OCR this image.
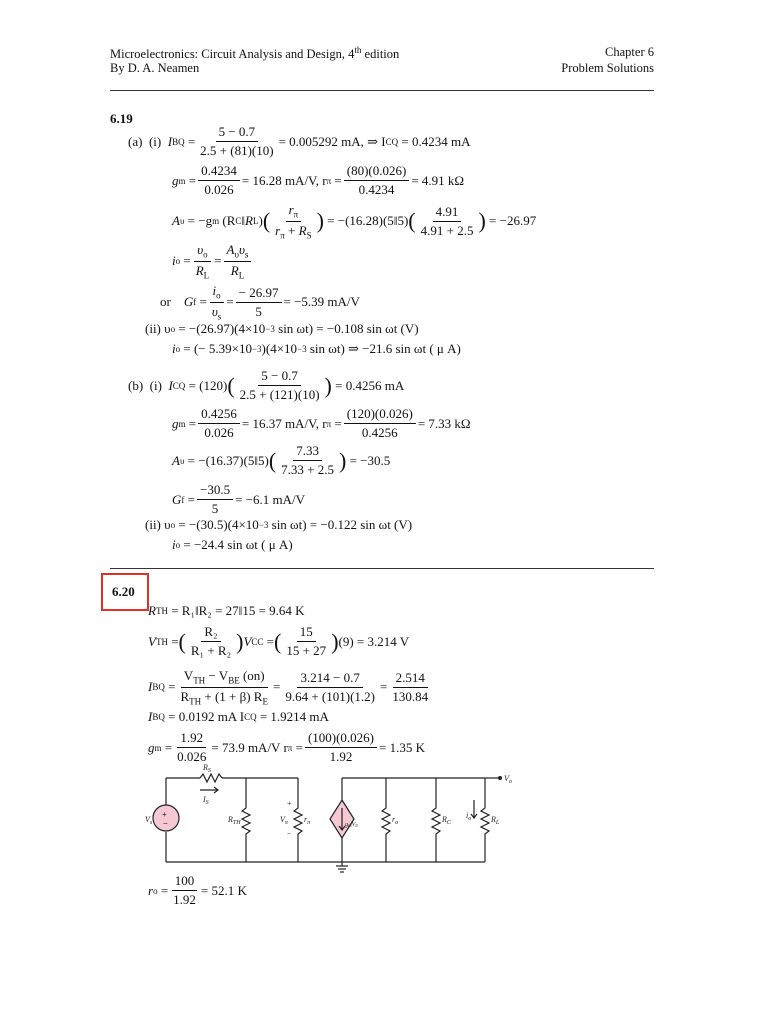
Microelectronics: Circuit Analysis and Design, 4th edition
By D. A. Neamen
Chapter 6
Problem Solutions
6.19
(a)
(i)
I BQ = $\frac{5 - 0.7}{2.5 + (81)(10)} = 0.005292$ mA, ⇒ I CQ
= 0.4234 mA
g $m = \frac{0.4234}{0.026} = 16.28$ mA/V, r $\pi = \frac{(80)(0.026)}{0.4234} = 4.91$ kΩ
A υ
= −g m
(R C ‖ R L ) ( $\frac{r_\pi}{r_\pi + R_S}$ )
= −(16.28)(5‖5) ( $\frac{4.91}{4.91 + 2.5}$ )
= −26.97
i $o = \frac{\upsilon_o}{R_L} = \frac{A_\upsilon\upsilon_s}{R_L}$
or
G $f = \frac{i_o}{\upsilon_s} = \frac{- 26.97}{5} = -5.39$ mA/V
(ii) υ o
= −(26.97)(4×10 −3
sin ωt) = −0.108 sin ωt (V)
i o
= (− 5.39×10 −3 )(4×10 −3
sin ωt) ⇒ −21.6 sin ωt ( μ A)
(b)
(i)
I CQ
= (120) ( $\frac{5 - 0.7}{2.5 + (121)(10)}$ )
= 0.4256 mA
g $m = \frac{0.4256}{0.026} = 16.37$ mA/V, r $\pi = \frac{(120)(0.026)}{0.4256} = 7.33$ kΩ
A υ
= −(16.37)(5‖5) ( $\frac{7.33}{7.33 + 2.5}$ )
= −30.5
G $f = \frac{-30.5}{5} = -6.1$ mA/V
(ii) υ o
= −(30.5)(4×10 −3
sin ωt) = −0.122 sin ωt (V)
i o
= −24.4 sin ωt ( μ A)
6.20
R TH
= R₁‖R₂ = 27‖15 = 9.64 K
V TH = ( $\frac{\text{R₂}}{\text{R₁ + R₂}}$ ) V CC = ( $\frac{15}{15 + 27}$ ) (9) = 3.214 V
I BQ = $\frac{V_{TH} - V_{BE} (on)}{R_{TH} + (1 + \beta) R_E} = \frac{3.214 - 0.7}{9.64 + (101)(1.2)} = \frac{2.514}{130.84}$
I BQ
= 0.0192 mA I CQ
= 1.9214 mA
g $m = \frac{1.92}{0.026} = 73.9$ mA/V r $\pi = \frac{(100)(0.026)}{1.92} = 1.35$ K
+
−
$R_S$
$I_S$
$V_s$	$R_{TH}$
+
$V_\pi$
−
$r_\pi$	gmVπ
$r_o$	$R_C$
$i_o$ $R_L$
$V_o$
r $o = \frac{100}{1.92} = 52.1$ K
